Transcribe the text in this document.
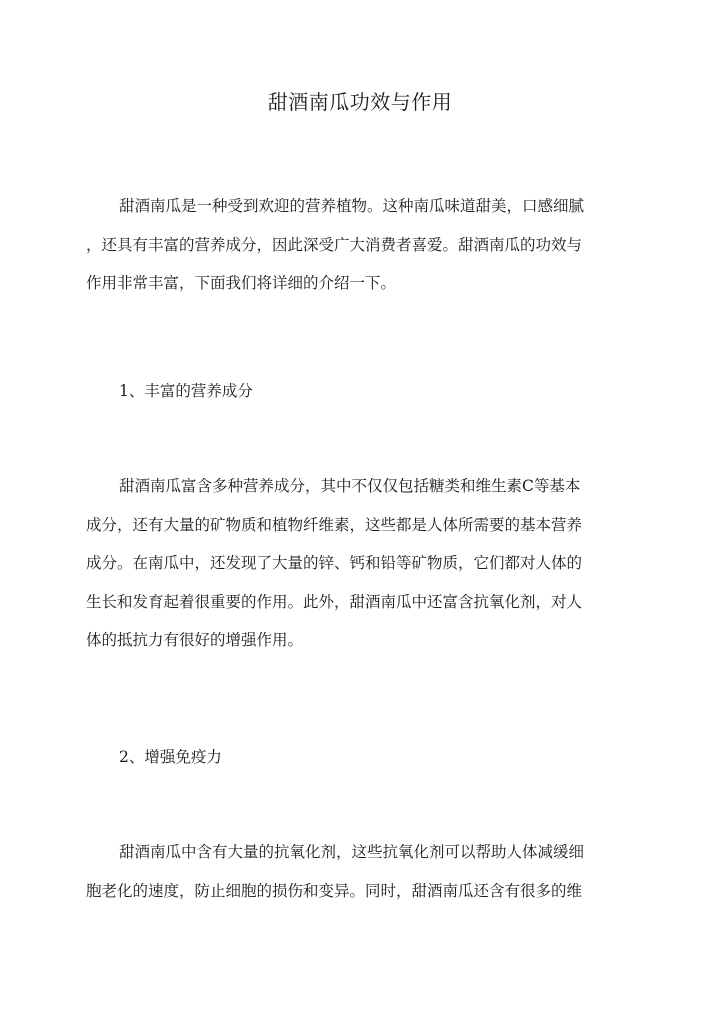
甜酒南瓜功效与作用

甜酒南瓜是一种受到欢迎的营养植物。这种南瓜味道甜美，口感细腻
，还具有丰富的营养成分，因此深受广大消费者喜爱。甜酒南瓜的功效与
作用非常丰富，下面我们将详细的介绍一下。

1、丰富的营养成分

甜酒南瓜富含多种营养成分，其中不仅仅包括糖类和维生素C等基本
成分，还有大量的矿物质和植物纤维素，这些都是人体所需要的基本营养
成分。在南瓜中，还发现了大量的锌、钙和铅等矿物质，它们都对人体的
生长和发育起着很重要的作用。此外，甜酒南瓜中还富含抗氧化剂，对人
体的抵抗力有很好的增强作用。

2、增强免疫力

甜酒南瓜中含有大量的抗氧化剂，这些抗氧化剂可以帮助人体减缓细
胞老化的速度，防止细胞的损伤和变异。同时，甜酒南瓜还含有很多的维
